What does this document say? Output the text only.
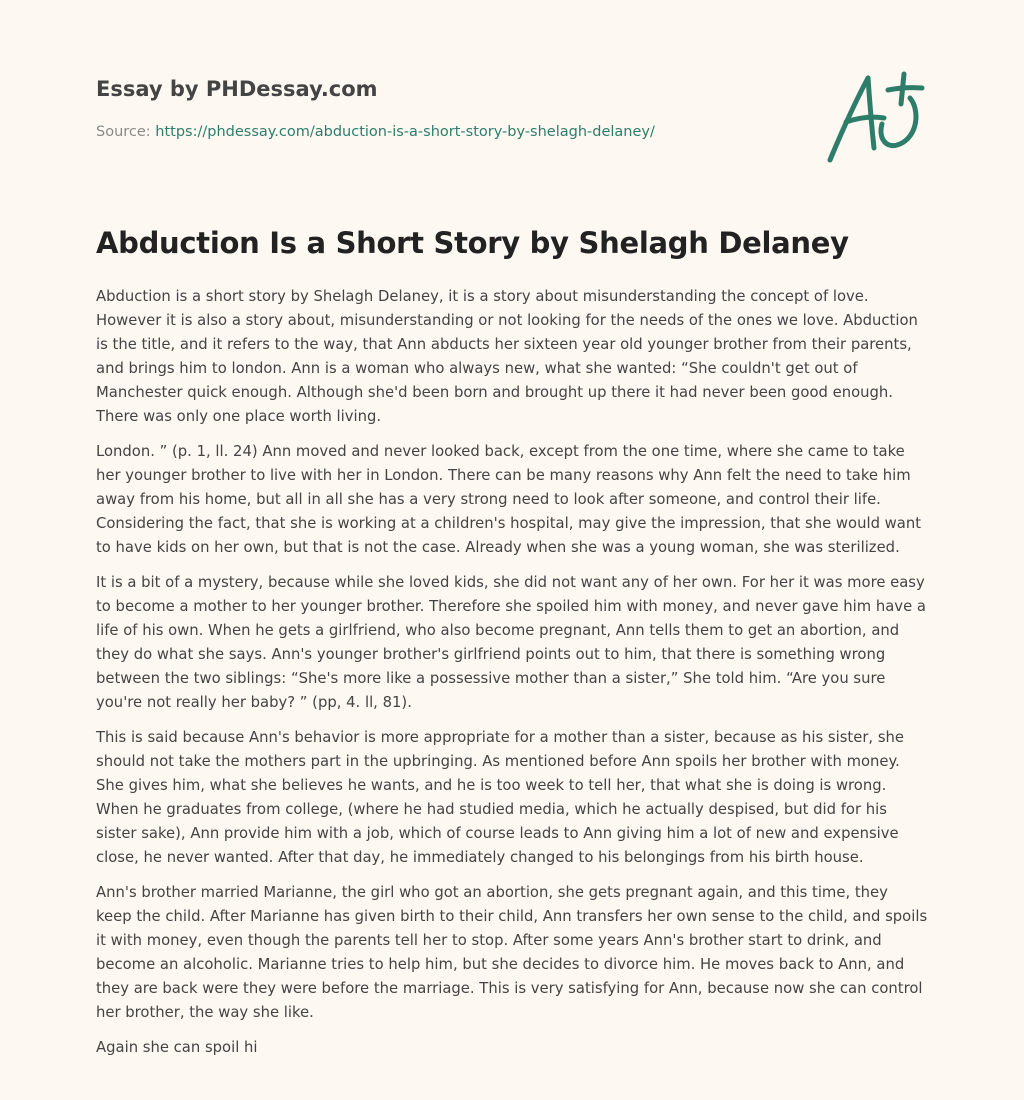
Essay by PHDessay.com
Source: https://phdessay.com/abduction-is-a-short-story-by-shelagh-delaney/
Abduction Is a Short Story by Shelagh Delaney

Abduction is a short story by Shelagh Delaney, it is a story about misunderstanding the concept of love. However it is also a story about, misunderstanding or not looking for the needs of the ones we love. Abduction is the title, and it refers to the way, that Ann abducts her sixteen year old younger brother from their parents, and brings him to london. Ann is a woman who always new, what she wanted: “She couldn't get out of Manchester quick enough. Although she'd been born and brought up there it had never been good enough. There was only one place worth living.

London. ” (p. 1, ll. 24) Ann moved and never looked back, except from the one time, where she came to take her younger brother to live with her in London. There can be many reasons why Ann felt the need to take him away from his home, but all in all she has a very strong need to look after someone, and control their life. Considering the fact, that she is working at a children's hospital, may give the impression, that she would want to have kids on her own, but that is not the case. Already when she was a young woman, she was sterilized.

It is a bit of a mystery, because while she loved kids, she did not want any of her own. For her it was more easy to become a mother to her younger brother. Therefore she spoiled him with money, and never gave him have a life of his own. When he gets a girlfriend, who also become pregnant, Ann tells them to get an abortion, and they do what she says. Ann's younger brother's girlfriend points out to him, that there is something wrong between the two siblings: “She's more like a possessive mother than a sister,” She told him. “Are you sure you're not really her baby? ” (pp, 4. ll, 81).

This is said because Ann's behavior is more appropriate for a mother than a sister, because as his sister, she should not take the mothers part in the upbringing. As mentioned before Ann spoils her brother with money. She gives him, what she believes he wants, and he is too week to tell her, that what she is doing is wrong. When he graduates from college, (where he had studied media, which he actually despised, but did for his sister sake), Ann provide him with a job, which of course leads to Ann giving him a lot of new and expensive close, he never wanted. After that day, he immediately changed to his belongings from his birth house.

Ann's brother married Marianne, the girl who got an abortion, she gets pregnant again, and this time, they keep the child. After Marianne has given birth to their child, Ann transfers her own sense to the child, and spoils it with money, even though the parents tell her to stop. After some years Ann's brother start to drink, and become an alcoholic. Marianne tries to help him, but she decides to divorce him. He moves back to Ann, and they are back were they were before the marriage. This is very satisfying for Ann, because now she can control her brother, the way she like.

Again she can spoil hi
